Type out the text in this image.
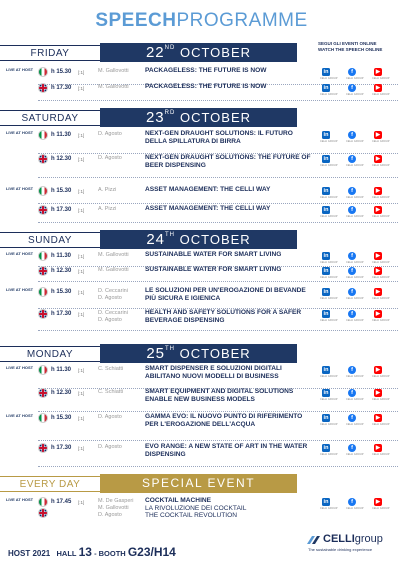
SPEECHPROGRAMME
SEGUI GLI EVENTI ONLINE
WATCH THE SPEECH ONLINE
FRIDAY	22ND OCTOBER
LIVE AT HOST	h 15.30 [:1] M. Gallovotti	PACKAGELESS: THE FUTURE IS NOW	in
CELLI GROUP
f
CELLI GROUP
▶
CELLI GROUP
h 17.30 [:1] M. Gallovotti	PACKAGELESS: THE FUTURE IS NOW	in
CELLI GROUP
f
CELLI GROUP
▶
CELLI GROUP
SATURDAY	23RD OCTOBER
LIVE AT HOST	h 11.30 [:1] D. Agosto	NEXT-GEN DRAUGHT SOLUTIONS: IL FUTURO DELLA SPILLATURA DI BIRRA
in
CELLI GROUP
f
CELLI GROUP
▶
CELLI GROUP
h 12.30 [:1] D. Agosto	NEXT-GEN DRAUGHT SOLUTIONS: THE FUTURE OF BEER DISPENSING
in
CELLI GROUP
f
CELLI GROUP
▶
CELLI GROUP
LIVE AT HOST	h 15.30 [:1] A. Pizzi	ASSET MANAGEMENT: THE CELLI WAY	in
CELLI GROUP
f
CELLI GROUP
▶
CELLI GROUP
h 17.30 [:1] A. Pizzi	ASSET MANAGEMENT: THE CELLI WAY	in
CELLI GROUP
f
CELLI GROUP
▶
CELLI GROUP
SUNDAY	24TH OCTOBER
LIVE AT HOST	h 11.30 [:1] M. Gallovotti	SUSTAINABLE WATER FOR SMART LIVING	in
CELLI GROUP
f
CELLI GROUP
▶
CELLI GROUP
h 12.30 [:1] M. Gallovotti	SUSTAINABLE WATER FOR SMART LIVING	in
CELLI GROUP
f
CELLI GROUP
▶
CELLI GROUP
LIVE AT HOST	h 15.30 [:1] D. Ceccarini
D. Agosto
LE SOLUZIONI PER UN'EROGAZIONE DI BEVANDE PIÙ SICURA E IGIENICA
in
CELLI GROUP
f
CELLI GROUP
▶
CELLI GROUP
h 17.30 [:1] D. Ceccarini
D. Agosto
HEALTH AND SAFETY SOLUTIONS FOR A SAFER BEVERAGE DISPENSING
in
CELLI GROUP
f
CELLI GROUP
▶
CELLI GROUP
MONDAY	25TH OCTOBER
LIVE AT HOST	h 11.30 [:1] C. Schiatti	SMART DISPENSER E SOLUZIONI DIGITALI ABILITANO NUOVI MODELLI DI BUSINESS
in
CELLI GROUP
f
CELLI GROUP
▶
CELLI GROUP
h 12.30 [:1] C. Schiatti	SMART EQUIPMENT AND DIGITAL SOLUTIONS ENABLE NEW BUSINESS MODELS
in
CELLI GROUP
f
CELLI GROUP
▶
CELLI GROUP
LIVE AT HOST	h 15.30 [:1] D. Agosto	GAMMA EVO: IL NUOVO PUNTO DI RIFERIMENTO PER L'EROGAZIONE DELL'ACQUA
in
CELLI GROUP
f
CELLI GROUP
▶
CELLI GROUP
h 17.30 [:1] D. Agosto	EVO RANGE: A NEW STATE OF ART IN THE WATER DISPENSING
in
CELLI GROUP
f
CELLI GROUP
▶
CELLI GROUP
EVERY DAY	SPECIAL EVENT
LIVE AT HOST	h 17.45 [:1] M. De Gasperi
M. Gallovotti
D. Agosto
COCKTAIL MACHINE
LA RIVOLUZIONE DEI COCKTAIL
THE COCKTAIL REVOLUTION
in
CELLI GROUP
f
CELLI GROUP
▶
CELLI GROUP
HOST 2021 HALL 13 - BOOTH G23/H14
CELLIgroup
The sustainable drinking experience
